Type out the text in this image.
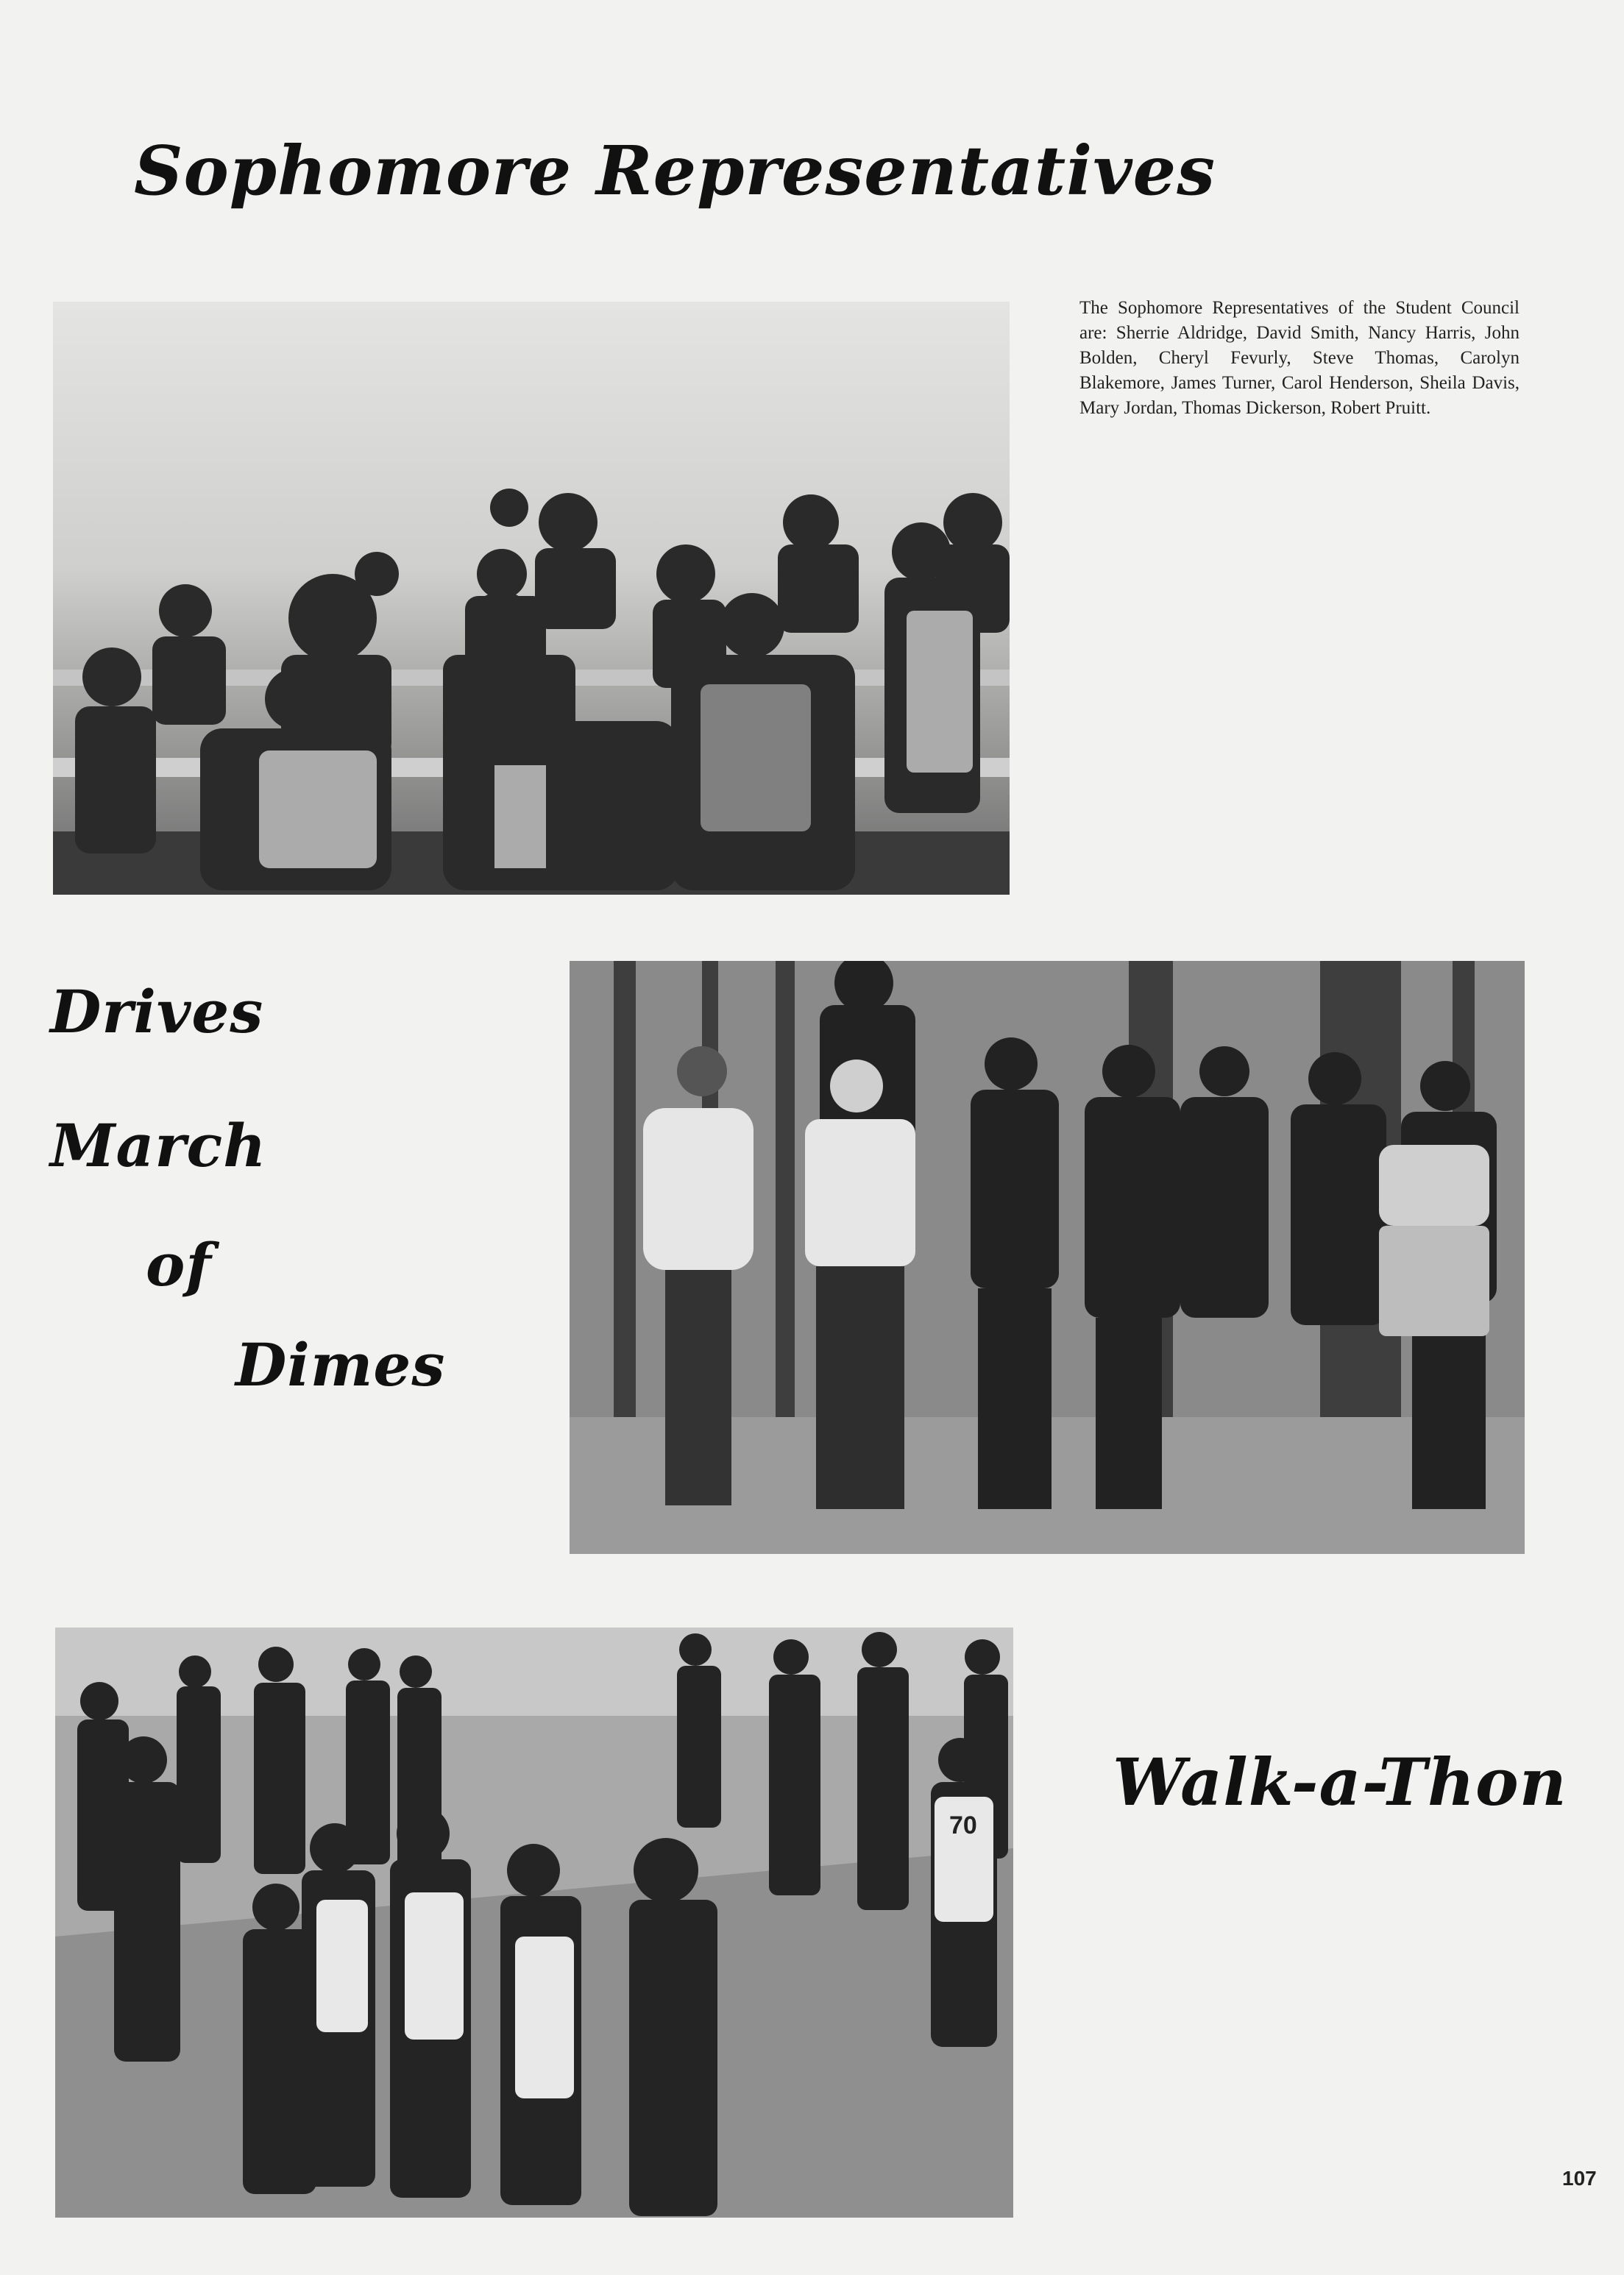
Sophomore Representatives
The Sophomore Representatives of the Student Council are: Sherrie Aldridge, David Smith, Nancy Harris, John Bolden, Cheryl Fevurly, Steve Thomas, Carolyn Blakemore, James Turner, Carol Henderson, Sheila Davis, Mary Jordan, Thomas Dickerson, Robert Pruitt.
Drives
March
of
Dimes
70
Walk-a-Thon
107
